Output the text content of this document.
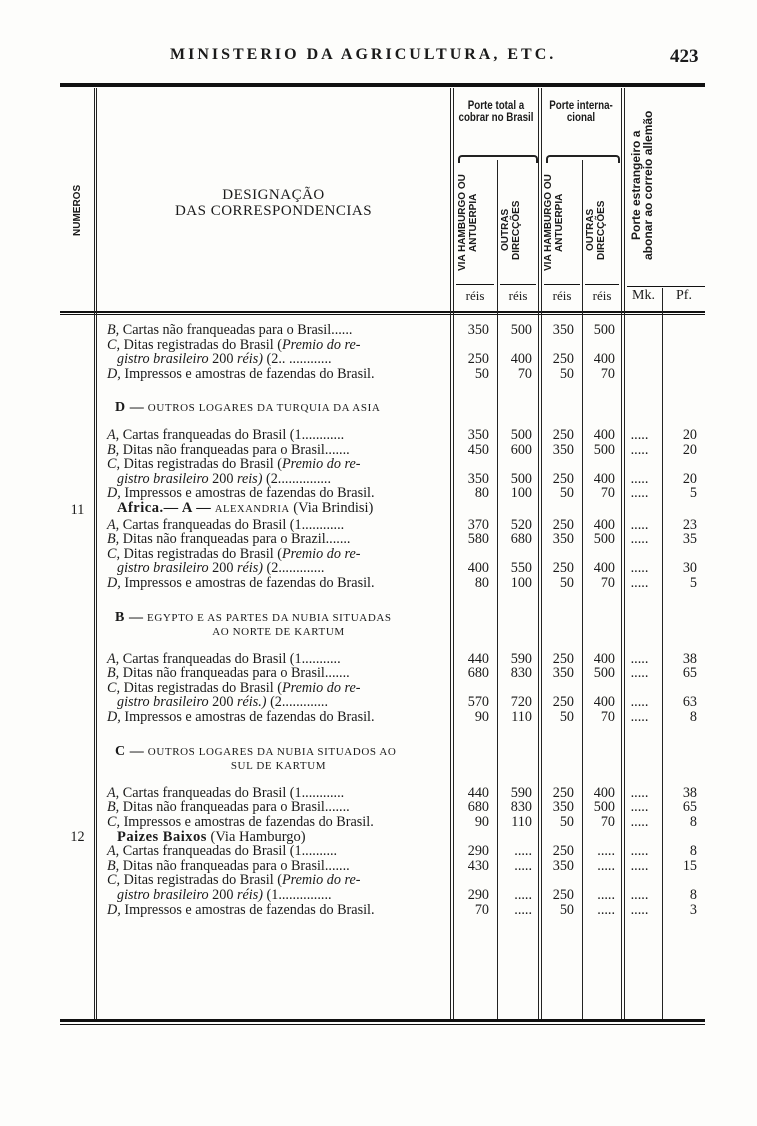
MINISTERIO DA AGRICULTURA, ETC.	423
NUMEROS	DESIGNAÇÃO
DAS CORRESPONDENCIAS
Porte total a cobrar no Brasil
Porte interna- cional
VIA HAMBURGO OU ANTUERPIA	OUTRAS DIRECÇÕES	VIA HAMBURGO OU ANTUERPIA	OUTRAS DIRECÇÕES	Porte estrangeiro a abonar ao correio allemão
réis	réis	réis	réis	Mk.	Pf.
B, Cartas não franqueadas para o Brasil......	350	500	350	500
C, Ditas registradas do Brasil (Premio do re-
gistro brasileiro 200 réis) (2.. ............	250	400	250	400
D, Impressos e amostras de fazendas do Brasil.	50	70	50	70
D — OUTROS LOGARES DA TURQUIA DA ASIA
A, Cartas franqueadas do Brasil (1............	350	500	250	400	.....	20
B, Ditas não franqueadas para o Brasil.......	450	600	350	500	.....	20
C, Ditas registradas do Brasil (Premio do re-
gistro brasileiro 200 reis) (2...............	350	500	250	400	.....	20
D, Impressos e amostras de fazendas do Brasil.	80	100	50	70	.....	5
11	Africa.— A — ALEXANDRIA (Via Brindisi)
A, Cartas franqueadas do Brasil (1............	370	520	250	400	.....	23
B, Ditas não franqueadas para o Brazil.......	580	680	350	500	.....	35
C, Ditas registradas do Brasil (Premio do re-
gistro brasileiro 200 réis) (2.............	400	550	250	400	.....	30
D, Impressos e amostras de fazendas do Brasil.	80	100	50	70	.....	5
B — EGYPTO E AS PARTES DA NUBIA SITUADAS
AO NORTE DE KARTUM
A, Cartas franqueadas do Brasil (1...........	440	590	250	400	.....	38
B, Ditas não franqueadas para o Brasil.......	680	830	350	500	.....	65
C, Ditas registradas do Brasil (Premio do re-
gistro brasileiro 200 réis.) (2.............	570	720	250	400	.....	63
D, Impressos e amostras de fazendas do Brasil.	90	110	50	70	.....	8
C — OUTROS LOGARES DA NUBIA SITUADOS AO
SUL DE KARTUM
A, Cartas franqueadas do Brasil (1............	440	590	250	400	.....	38
B, Ditas não franqueadas para o Brasil.......	680	830	350	500	.....	65
C, Impressos e amostras de fazendas do Brasil.	90	110	50	70	.....	8
12	Paizes Baixos (Via Hamburgo)
A, Cartas franqueadas do Brasil (1..........	290	.....	250	.....	.....	8
B, Ditas não franqueadas para o Brasil.......	430	.....	350	.....	.....	15
C, Ditas registradas do Brasil (Premio do re-
gistro brasileiro 200 réis) (1...............	290	.....	250	.....	.....	8
D, Impressos e amostras de fazendas do Brasil.	70	.....	50	.....	.....	3
